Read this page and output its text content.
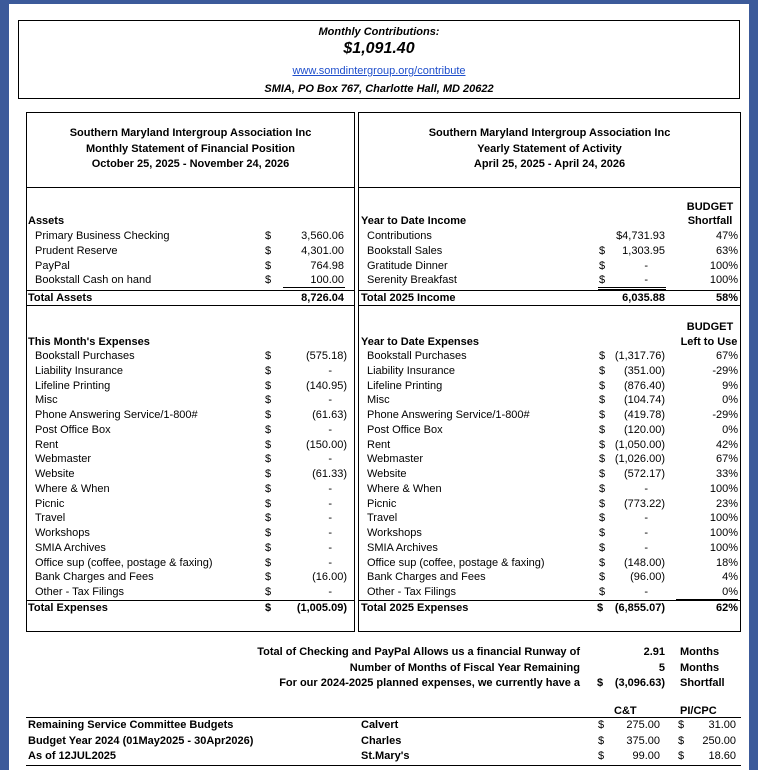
Monthly Contributions:
$1,091.40
www.somdintergroup.org/contribute
SMIA, PO Box 767, Charlotte Hall, MD 20622
Southern Maryland Intergroup Association Inc
Monthly Statement of Financial Position
October 25, 2025 - November 24, 2026
Southern Maryland Intergroup Association Inc
Yearly Statement of Activity
April 25, 2025 - April 24, 2026
Assets
Primary Business Checking	$	3,560.06
Prudent Reserve	$	4,301.00
PayPal	$	764.98
Bookstall Cash on hand	$	100.00
Total Assets	8,726.04
This Month's Expenses
Bookstall Purchases	$	(575.18)
Liability Insurance	$	-
Lifeline Printing	$	(140.95)
Misc	$	-
Phone Answering Service/1-800#	$	(61.63)
Post Office Box	$	-
Rent	$	(150.00)
Webmaster	$	-
Website	$	(61.33)
Where & When	$	-
Picnic	$	-
Travel	$	-
Workshops	$	-
SMIA Archives	$	-
Office sup (coffee, postage & faxing)	$	-
Bank Charges and Fees	$	(16.00)
Other - Tax Filings	$	-
Total Expenses	$	(1,005.09)
BUDGET
Shortfall
Year to Date Income
Contributions	$4,731.93	47%
Bookstall Sales	$	1,303.95	63%
Gratitude Dinner	$	-	100%
Serenity Breakfast	$	-	100%
Total 2025 Income	6,035.88	58%
BUDGET
Left to Use
Year to Date Expenses
Bookstall Purchases	$ (1,317.76)	67%
Liability Insurance	$	(351.00)	-29%
Lifeline Printing	$	(876.40)	9%
Misc	$	(104.74)	0%
Phone Answering Service/1-800#	$	(419.78)	-29%
Post Office Box	$	(120.00)	0%
Rent	$ (1,050.00)	42%
Webmaster	$ (1,026.00)	67%
Website	$	(572.17)	33%
Where & When	$	-	100%
Picnic	$	(773.22)	23%
Travel	$	-	100%
Workshops	$	-	100%
SMIA Archives	$	-	100%
Office sup (coffee, postage & faxing)	$	(148.00)	18%
Bank Charges and Fees	$	(96.00)	4%
Other - Tax Filings	$	-	0%
Total 2025 Expenses	$	(6,855.07)	62%
Total of Checking and PayPal Allows us a financial Runway of	2.91 Months
Number of Months of Fiscal Year Remaining	5 Months
For our 2024-2025 planned expenses, we currently have a $	(3,096.63) Shortfall
C&T	PI/CPC
Remaining Service Committee Budgets	Calvert	$	275.00 $	31.00
Budget Year 2024 (01May2025 - 30Apr2026)	Charles	$	375.00 $	250.00
As of 12JUL2025	St.Mary's	$	99.00 $	18.60
